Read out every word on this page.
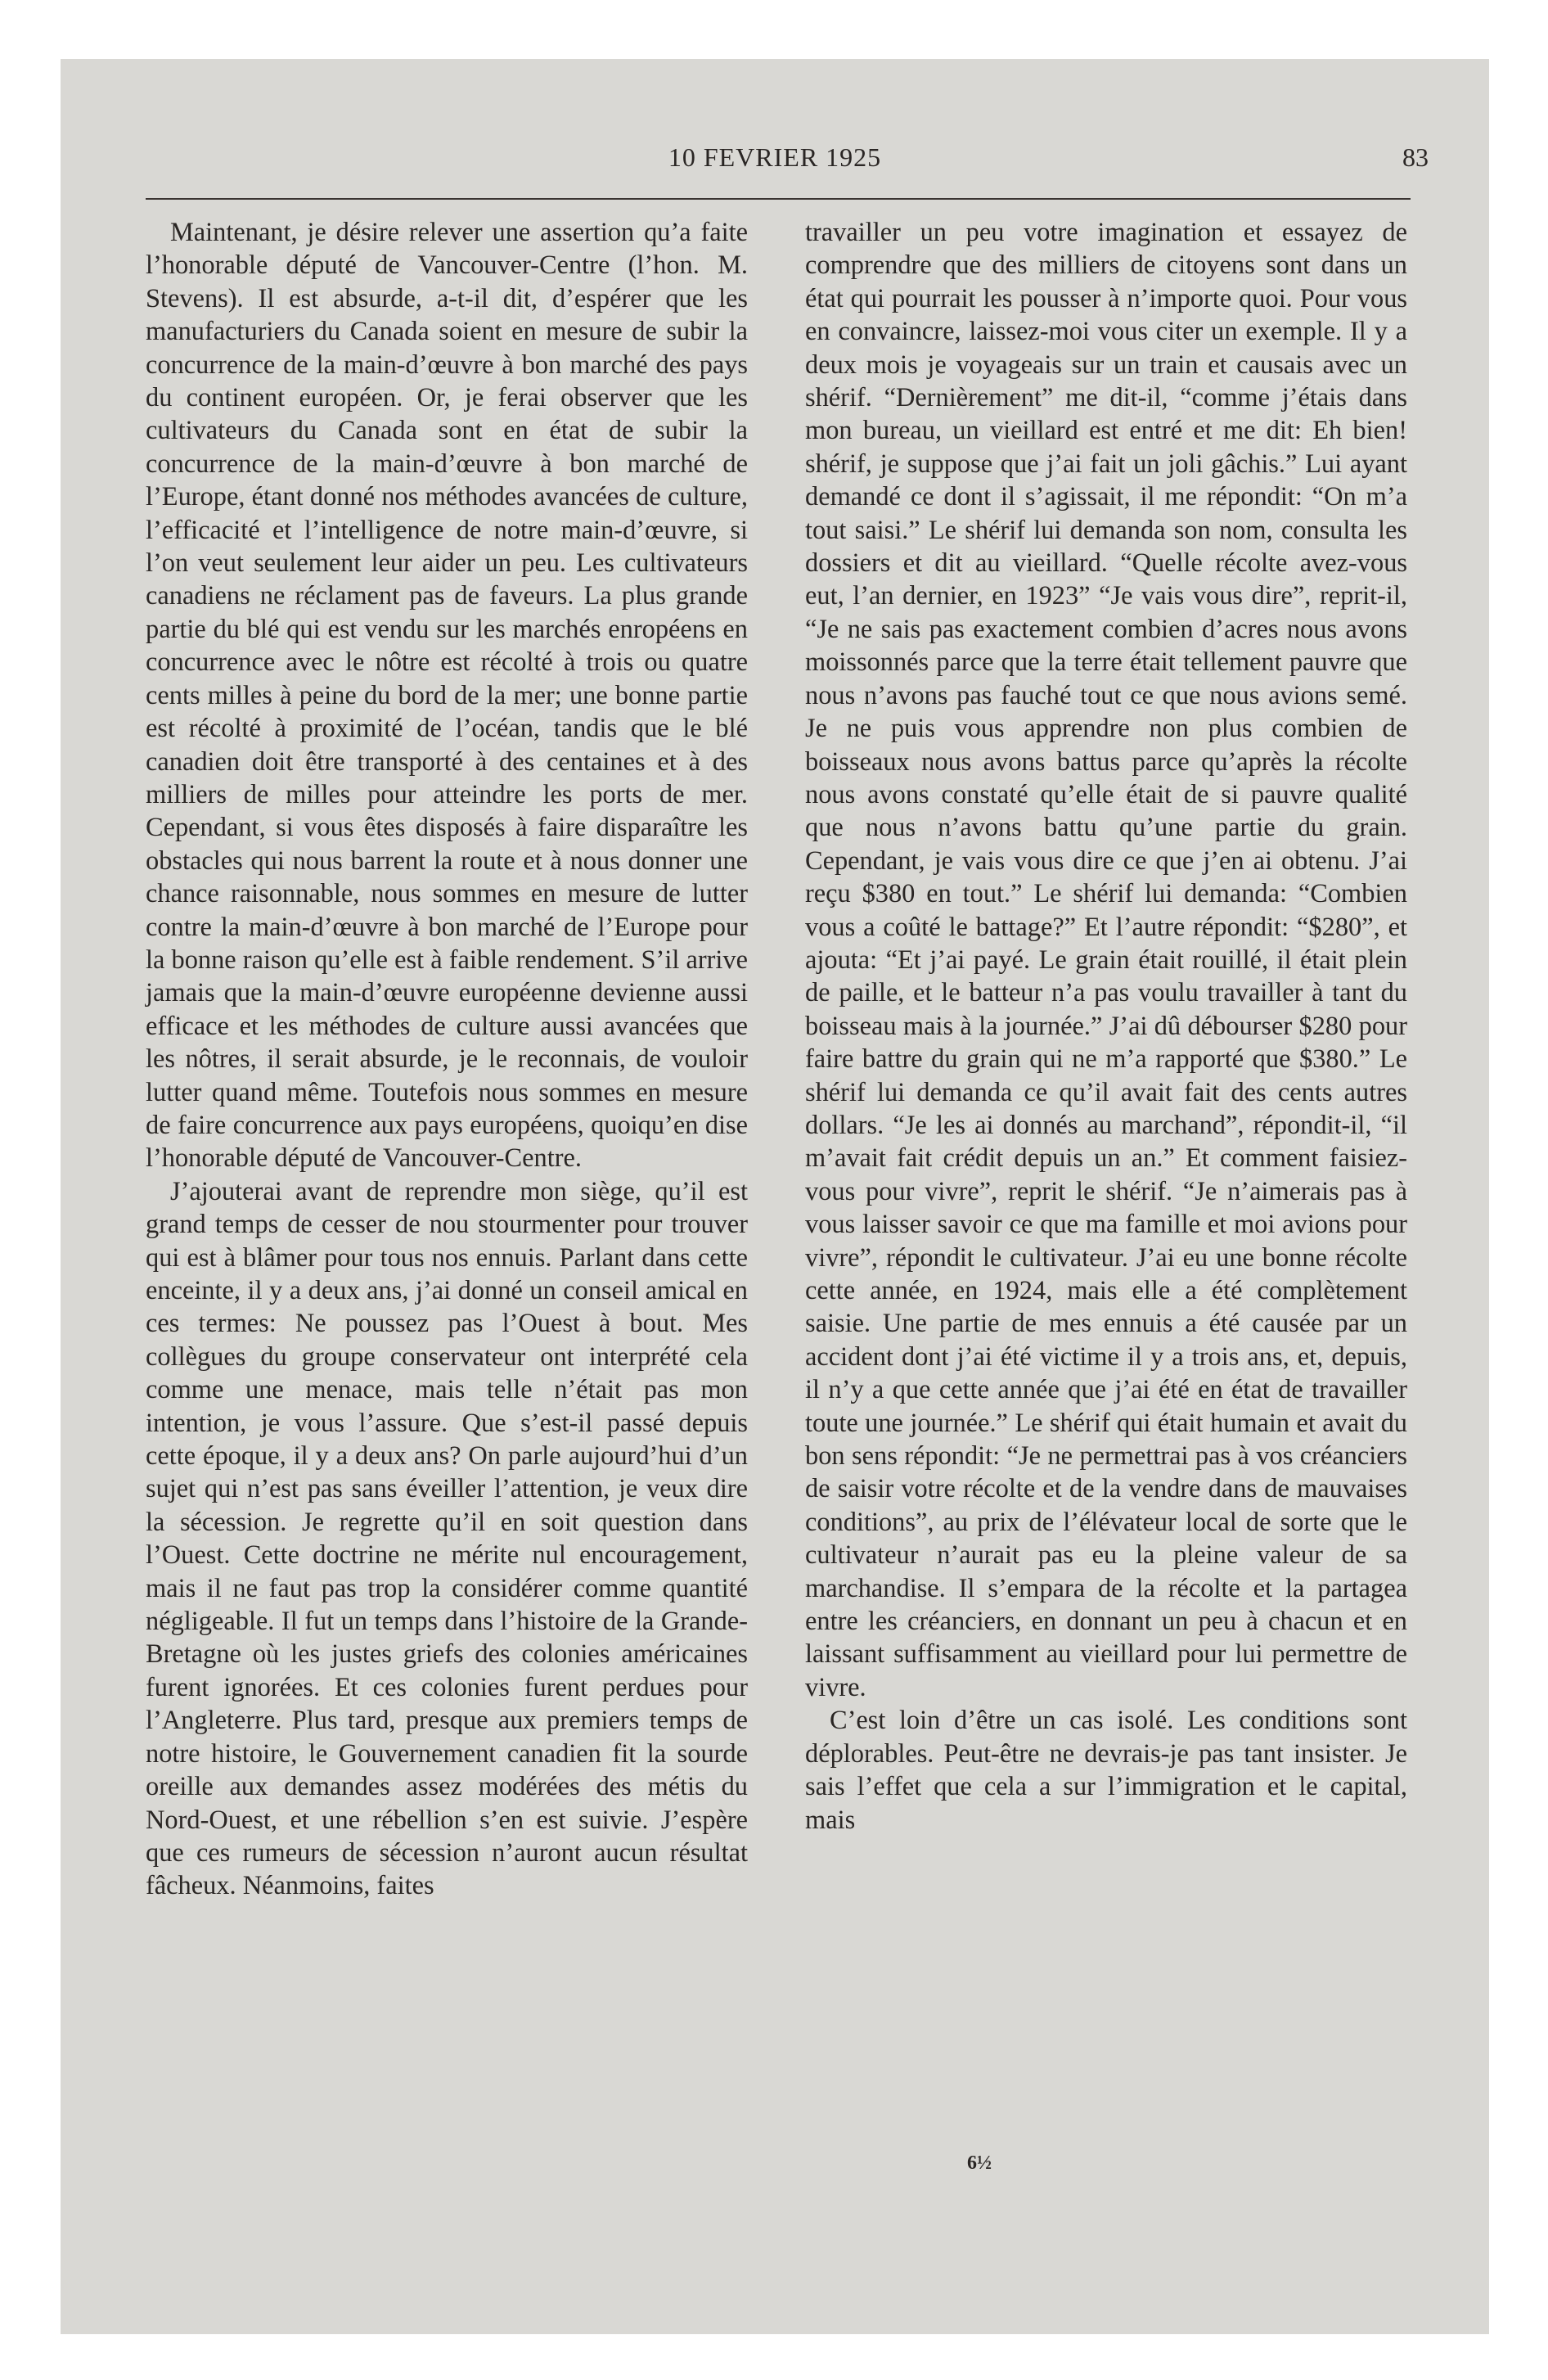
10 FEVRIER 1925	83

Maintenant, je désire relever une assertion qu’a faite l’honorable député de Vancouver-Centre (l’hon. M. Stevens). Il est absurde, a-t-il dit, d’espérer que les manufacturiers du Canada soient en mesure de subir la concurrence de la main-d’œuvre à bon marché des pays du continent européen. Or, je ferai observer que les cultivateurs du Canada sont en état de subir la concurrence de la main-d’œuvre à bon marché de l’Europe, étant donné nos méthodes avancées de culture, l’efficacité et l’intelligence de notre main-d’œuvre, si l’on veut seulement leur aider un peu. Les cultivateurs canadiens ne réclament pas de faveurs. La plus grande partie du blé qui est vendu sur les marchés enropéens en concurrence avec le nôtre est récolté à trois ou quatre cents milles à peine du bord de la mer; une bonne partie est récolté à proximité de l’océan, tandis que le blé canadien doit être transporté à des centaines et à des milliers de milles pour atteindre les ports de mer. Cependant, si vous êtes disposés à faire disparaître les obstacles qui nous barrent la route et à nous donner une chance raisonnable, nous sommes en mesure de lutter contre la main-d’œuvre à bon marché de l’Europe pour la bonne raison qu’elle est à faible rendement. S’il arrive jamais que la main-d’œuvre européenne devienne aussi efficace et les méthodes de culture aussi avancées que les nôtres, il serait absurde, je le reconnais, de vouloir lutter quand même. Toutefois nous sommes en mesure de faire concurrence aux pays européens, quoiqu’en dise l’honorable député de Vancouver-Centre.

J’ajouterai avant de reprendre mon siège, qu’il est grand temps de cesser de nou stourmenter pour trouver qui est à blâmer pour tous nos ennuis. Parlant dans cette enceinte, il y a deux ans, j’ai donné un conseil amical en ces termes: Ne poussez pas l’Ouest à bout. Mes collègues du groupe conservateur ont interprété cela comme une menace, mais telle n’était pas mon intention, je vous l’assure. Que s’est-il passé depuis cette époque, il y a deux ans? On parle aujourd’hui d’un sujet qui n’est pas sans éveiller l’attention, je veux dire la sécession. Je regrette qu’il en soit question dans l’Ouest. Cette doctrine ne mérite nul encouragement, mais il ne faut pas trop la considérer comme quantité négligeable. Il fut un temps dans l’histoire de la Grande-Bretagne où les justes griefs des colonies américaines furent ignorées. Et ces colonies furent perdues pour l’Angleterre. Plus tard, presque aux premiers temps de notre histoire, le Gouvernement canadien fit la sourde oreille aux demandes assez modérées des métis du Nord-Ouest, et une rébellion s’en est suivie. J’espère que ces rumeurs de sécession n’auront aucun résultat fâcheux. Néanmoins, faites

travailler un peu votre imagination et essayez de comprendre que des milliers de citoyens sont dans un état qui pourrait les pousser à n’importe quoi. Pour vous en convaincre, laissez-moi vous citer un exemple. Il y a deux mois je voyageais sur un train et causais avec un shérif. “Dernièrement” me dit-il, “comme j’étais dans mon bureau, un vieillard est entré et me dit: Eh bien! shérif, je suppose que j’ai fait un joli gâchis.” Lui ayant demandé ce dont il s’agissait, il me répondit: “On m’a tout saisi.” Le shérif lui demanda son nom, consulta les dossiers et dit au vieillard. “Quelle récolte avez-vous eut, l’an dernier, en 1923” “Je vais vous dire”, reprit-il, “Je ne sais pas exactement combien d’acres nous avons moissonnés parce que la terre était tellement pauvre que nous n’avons pas fauché tout ce que nous avions semé. Je ne puis vous apprendre non plus combien de boisseaux nous avons battus parce qu’après la récolte nous avons constaté qu’elle était de si pauvre qualité que nous n’avons battu qu’une partie du grain. Cependant, je vais vous dire ce que j’en ai obtenu. J’ai reçu $380 en tout.” Le shérif lui demanda: “Combien vous a coûté le battage?” Et l’autre répondit: “$280”, et ajouta: “Et j’ai payé. Le grain était rouillé, il était plein de paille, et le batteur n’a pas voulu travailler à tant du boisseau mais à la journée.” J’ai dû débourser $280 pour faire battre du grain qui ne m’a rapporté que $380.” Le shérif lui demanda ce qu’il avait fait des cents autres dollars. “Je les ai donnés au marchand”, répondit-il, “il m’avait fait crédit depuis un an.” Et comment faisiez-vous pour vivre”, reprit le shérif. “Je n’aimerais pas à vous laisser savoir ce que ma famille et moi avions pour vivre”, répondit le cultivateur. J’ai eu une bonne récolte cette année, en 1924, mais elle a été complètement saisie. Une partie de mes ennuis a été causée par un accident dont j’ai été victime il y a trois ans, et, depuis, il n’y a que cette année que j’ai été en état de travailler toute une journée.” Le shérif qui était humain et avait du bon sens répondit: “Je ne permettrai pas à vos créanciers de saisir votre récolte et de la vendre dans de mauvaises conditions”, au prix de l’élévateur local de sorte que le cultivateur n’aurait pas eu la pleine valeur de sa marchandise. Il s’empara de la récolte et la partagea entre les créanciers, en donnant un peu à chacun et en laissant suffisamment au vieillard pour lui permettre de vivre.

C’est loin d’être un cas isolé. Les conditions sont déplorables. Peut-être ne devrais-je pas tant insister. Je sais l’effet que cela a sur l’immigration et le capital, mais

6½
